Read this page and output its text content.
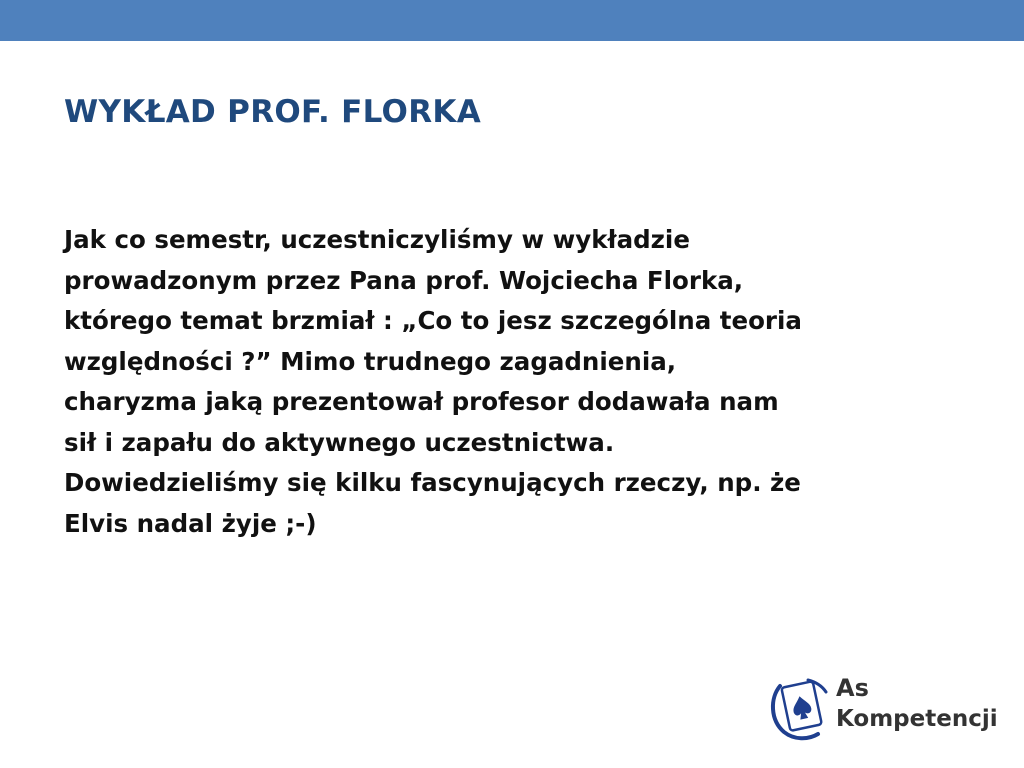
WYKŁAD PROF. FLORKA
Jak co semestr, uczestniczyliśmy w wykładzie
prowadzonym przez Pana prof. Wojciecha Florka,
którego temat brzmiał : „Co to jesz szczególna teoria
względności ?” Mimo trudnego zagadnienia,
charyzma jaką prezentował profesor dodawała nam
sił i zapału do aktywnego uczestnictwa.
Dowiedzieliśmy się kilku fascynujących rzeczy, np. że
Elvis nadal żyje ;-)
As
Kompetencji
